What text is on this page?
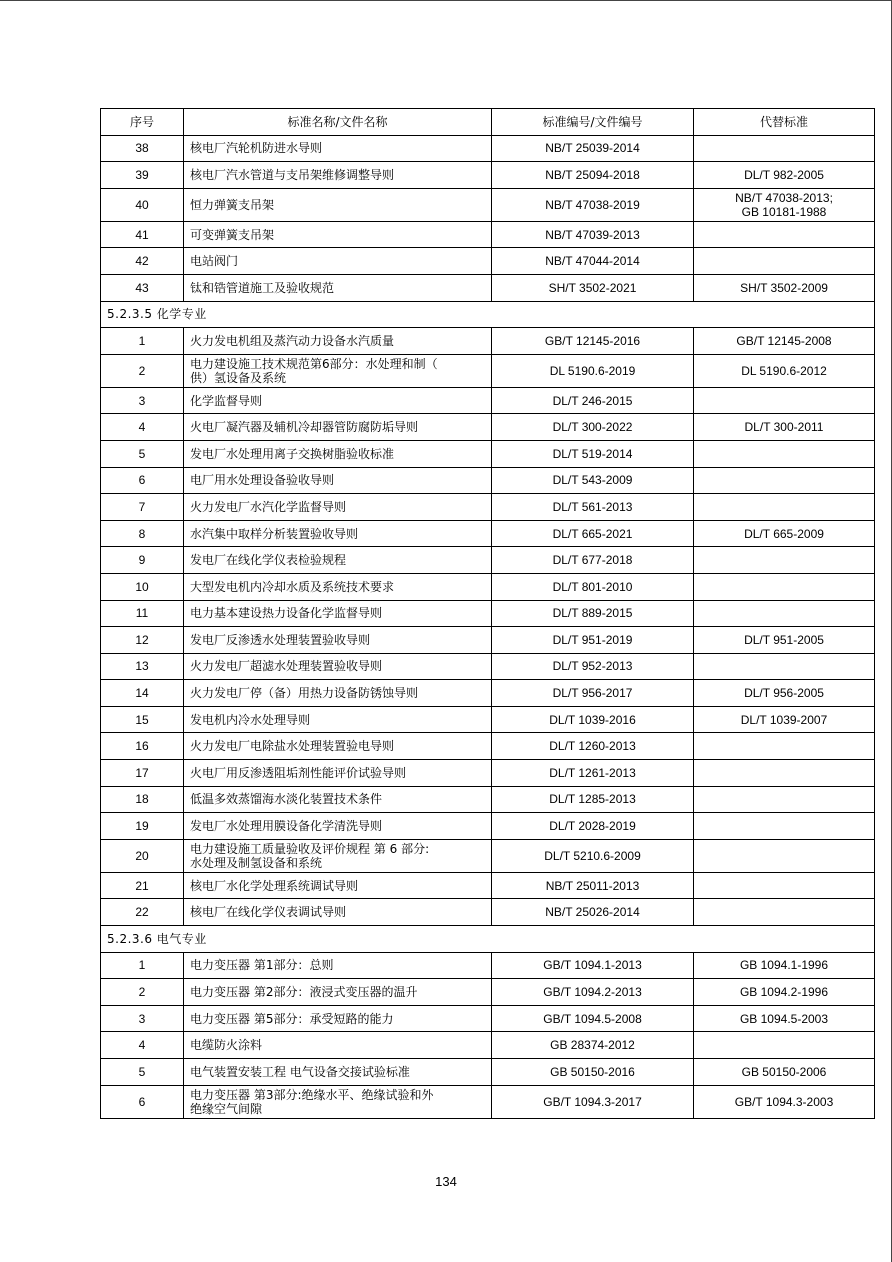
序号	标准名称/文件名称	标准编号/文件编号	代替标准
38	核电厂汽轮机防进水导则	NB/T 25039-2014	

39	核电厂汽水管道与支吊架维修调整导则	NB/T 25094-2018	DL/T 982-2005

40	恒力弹簧支吊架	NB/T 47038-2019	NB/T 47038-2013;
GB 10181-1988

41	可变弹簧支吊架	NB/T 47039-2013	

42	电站阀门	NB/T 47044-2014	

43	钛和锆管道施工及验收规范	SH/T 3502-2021	SH/T 3502-2009

5.2.3.5 化学专业			
1	火力发电机组及蒸汽动力设备水汽质量	GB/T 12145-2016	GB/T 12145-2008

2	电力建设施工技术规范第6部分：水处理和制（
供）氢设备及系统	DL 5190.6-2019	DL 5190.6-2012

3	化学监督导则	DL/T 246-2015	

4	火电厂凝汽器及辅机冷却器管防腐防垢导则	DL/T 300-2022	DL/T 300-2011

5	发电厂水处理用离子交换树脂验收标准	DL/T 519-2014	

6	电厂用水处理设备验收导则	DL/T 543-2009	

7	火力发电厂水汽化学监督导则	DL/T 561-2013	

8	水汽集中取样分析装置验收导则	DL/T 665-2021	DL/T 665-2009

9	发电厂在线化学仪表检验规程	DL/T 677-2018	

10	大型发电机内冷却水质及系统技术要求	DL/T 801-2010	

11	电力基本建设热力设备化学监督导则	DL/T 889-2015	

12	发电厂反渗透水处理装置验收导则	DL/T 951-2019	DL/T 951-2005

13	火力发电厂超滤水处理装置验收导则	DL/T 952-2013	

14	火力发电厂停（备）用热力设备防锈蚀导则	DL/T 956-2017	DL/T 956-2005

15	发电机内冷水处理导则	DL/T 1039-2016	DL/T 1039-2007

16	火力发电厂电除盐水处理装置验电导则	DL/T 1260-2013	

17	火电厂用反渗透阻垢剂性能评价试验导则	DL/T 1261-2013	

18	低温多效蒸馏海水淡化装置技术条件	DL/T 1285-2013	

19	发电厂水处理用膜设备化学清洗导则	DL/T 2028-2019	

20	电力建设施工质量验收及评价规程 第 6 部分:
水处理及制氢设备和系统	DL/T 5210.6-2009	

21	核电厂水化学处理系统调试导则	NB/T 25011-2013	

22	核电厂在线化学仪表调试导则	NB/T 25026-2014	

5.2.3.6 电气专业			
1	电力变压器 第1部分：总则	GB/T 1094.1-2013	GB 1094.1-1996

2	电力变压器 第2部分：液浸式变压器的温升	GB/T 1094.2-2013	GB 1094.2-1996

3	电力变压器 第5部分：承受短路的能力	GB/T 1094.5-2008	GB 1094.5-2003

4	电缆防火涂料	GB 28374-2012	

5	电气装置安装工程 电气设备交接试验标准	GB 50150-2016	GB 50150-2006

6	电力变压器 第3部分:绝缘水平、绝缘试验和外
绝缘空气间隙	GB/T 1094.3-2017	GB/T 1094.3-2003
134
